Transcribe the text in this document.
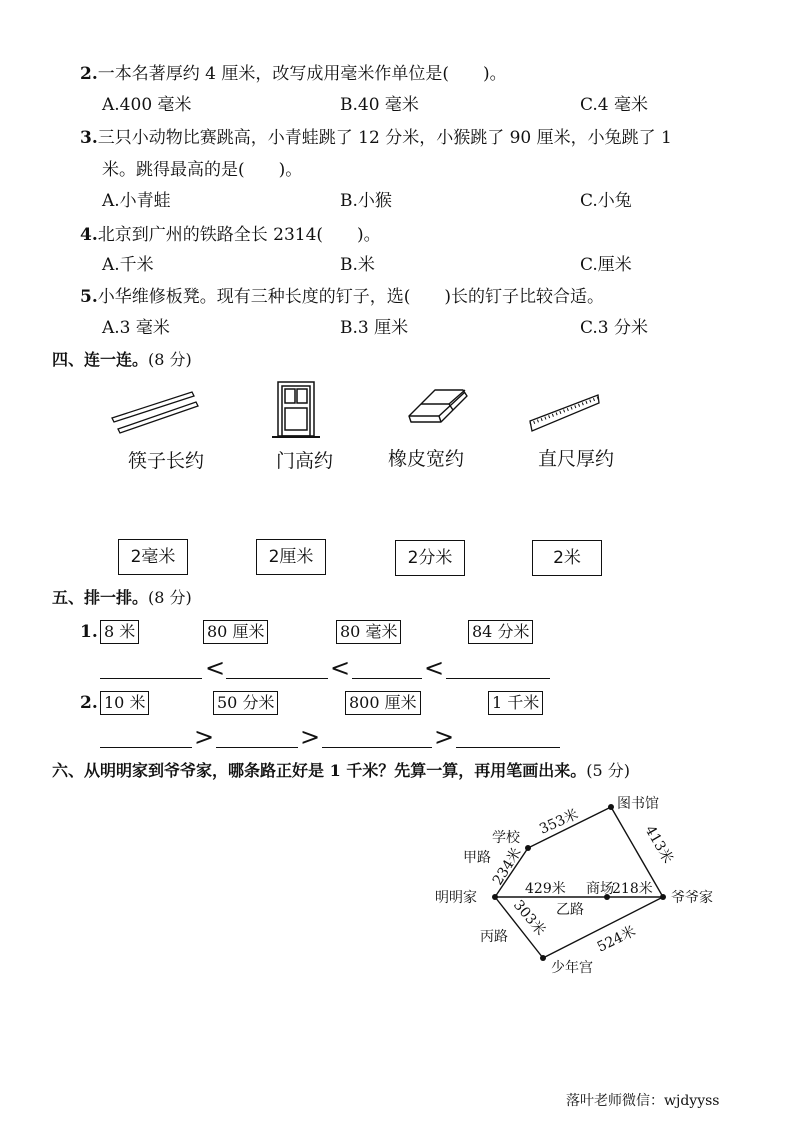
2.一本名著厚约 4 厘米，改写成用毫米作单位是(　　)。
A.400 毫米	B.40 毫米	C.4 毫米
3.三只小动物比赛跳高，小青蛙跳了 12 分米，小猴跳了 90 厘米，小兔跳了 1
米。跳得最高的是(　　)。
A.小青蛙	B.小猴	C.小兔
4.北京到广州的铁路全长 2314(　　)。
A.千米	B.米	C.厘米
5.小华维修板凳。现有三种长度的钉子，选(　　)长的钉子比较合适。
A.3 毫米	B.3 厘米	C.3 分米
四、连一连。(8 分)
筷子长约	门高约	橡皮宽约	直尺厚约
2毫米	2厘米	2分米	2米
五、排一排。(8 分)
1. 8 米	80 厘米	80 毫米	84 分米
<	<	<
2. 10 米	50 分米	800 厘米	1 千米
>	>	>
六、从明明家到爷爷家，哪条路正好是 1 千米？先算一算，再用笔画出来。(5 分)
明明家
学校
图书馆
爷爷家
商场
少年宫
甲路
乙路
丙路
234米
353米
413米
429米	218米
303米
524米
落叶老师微信：wjdyyss
